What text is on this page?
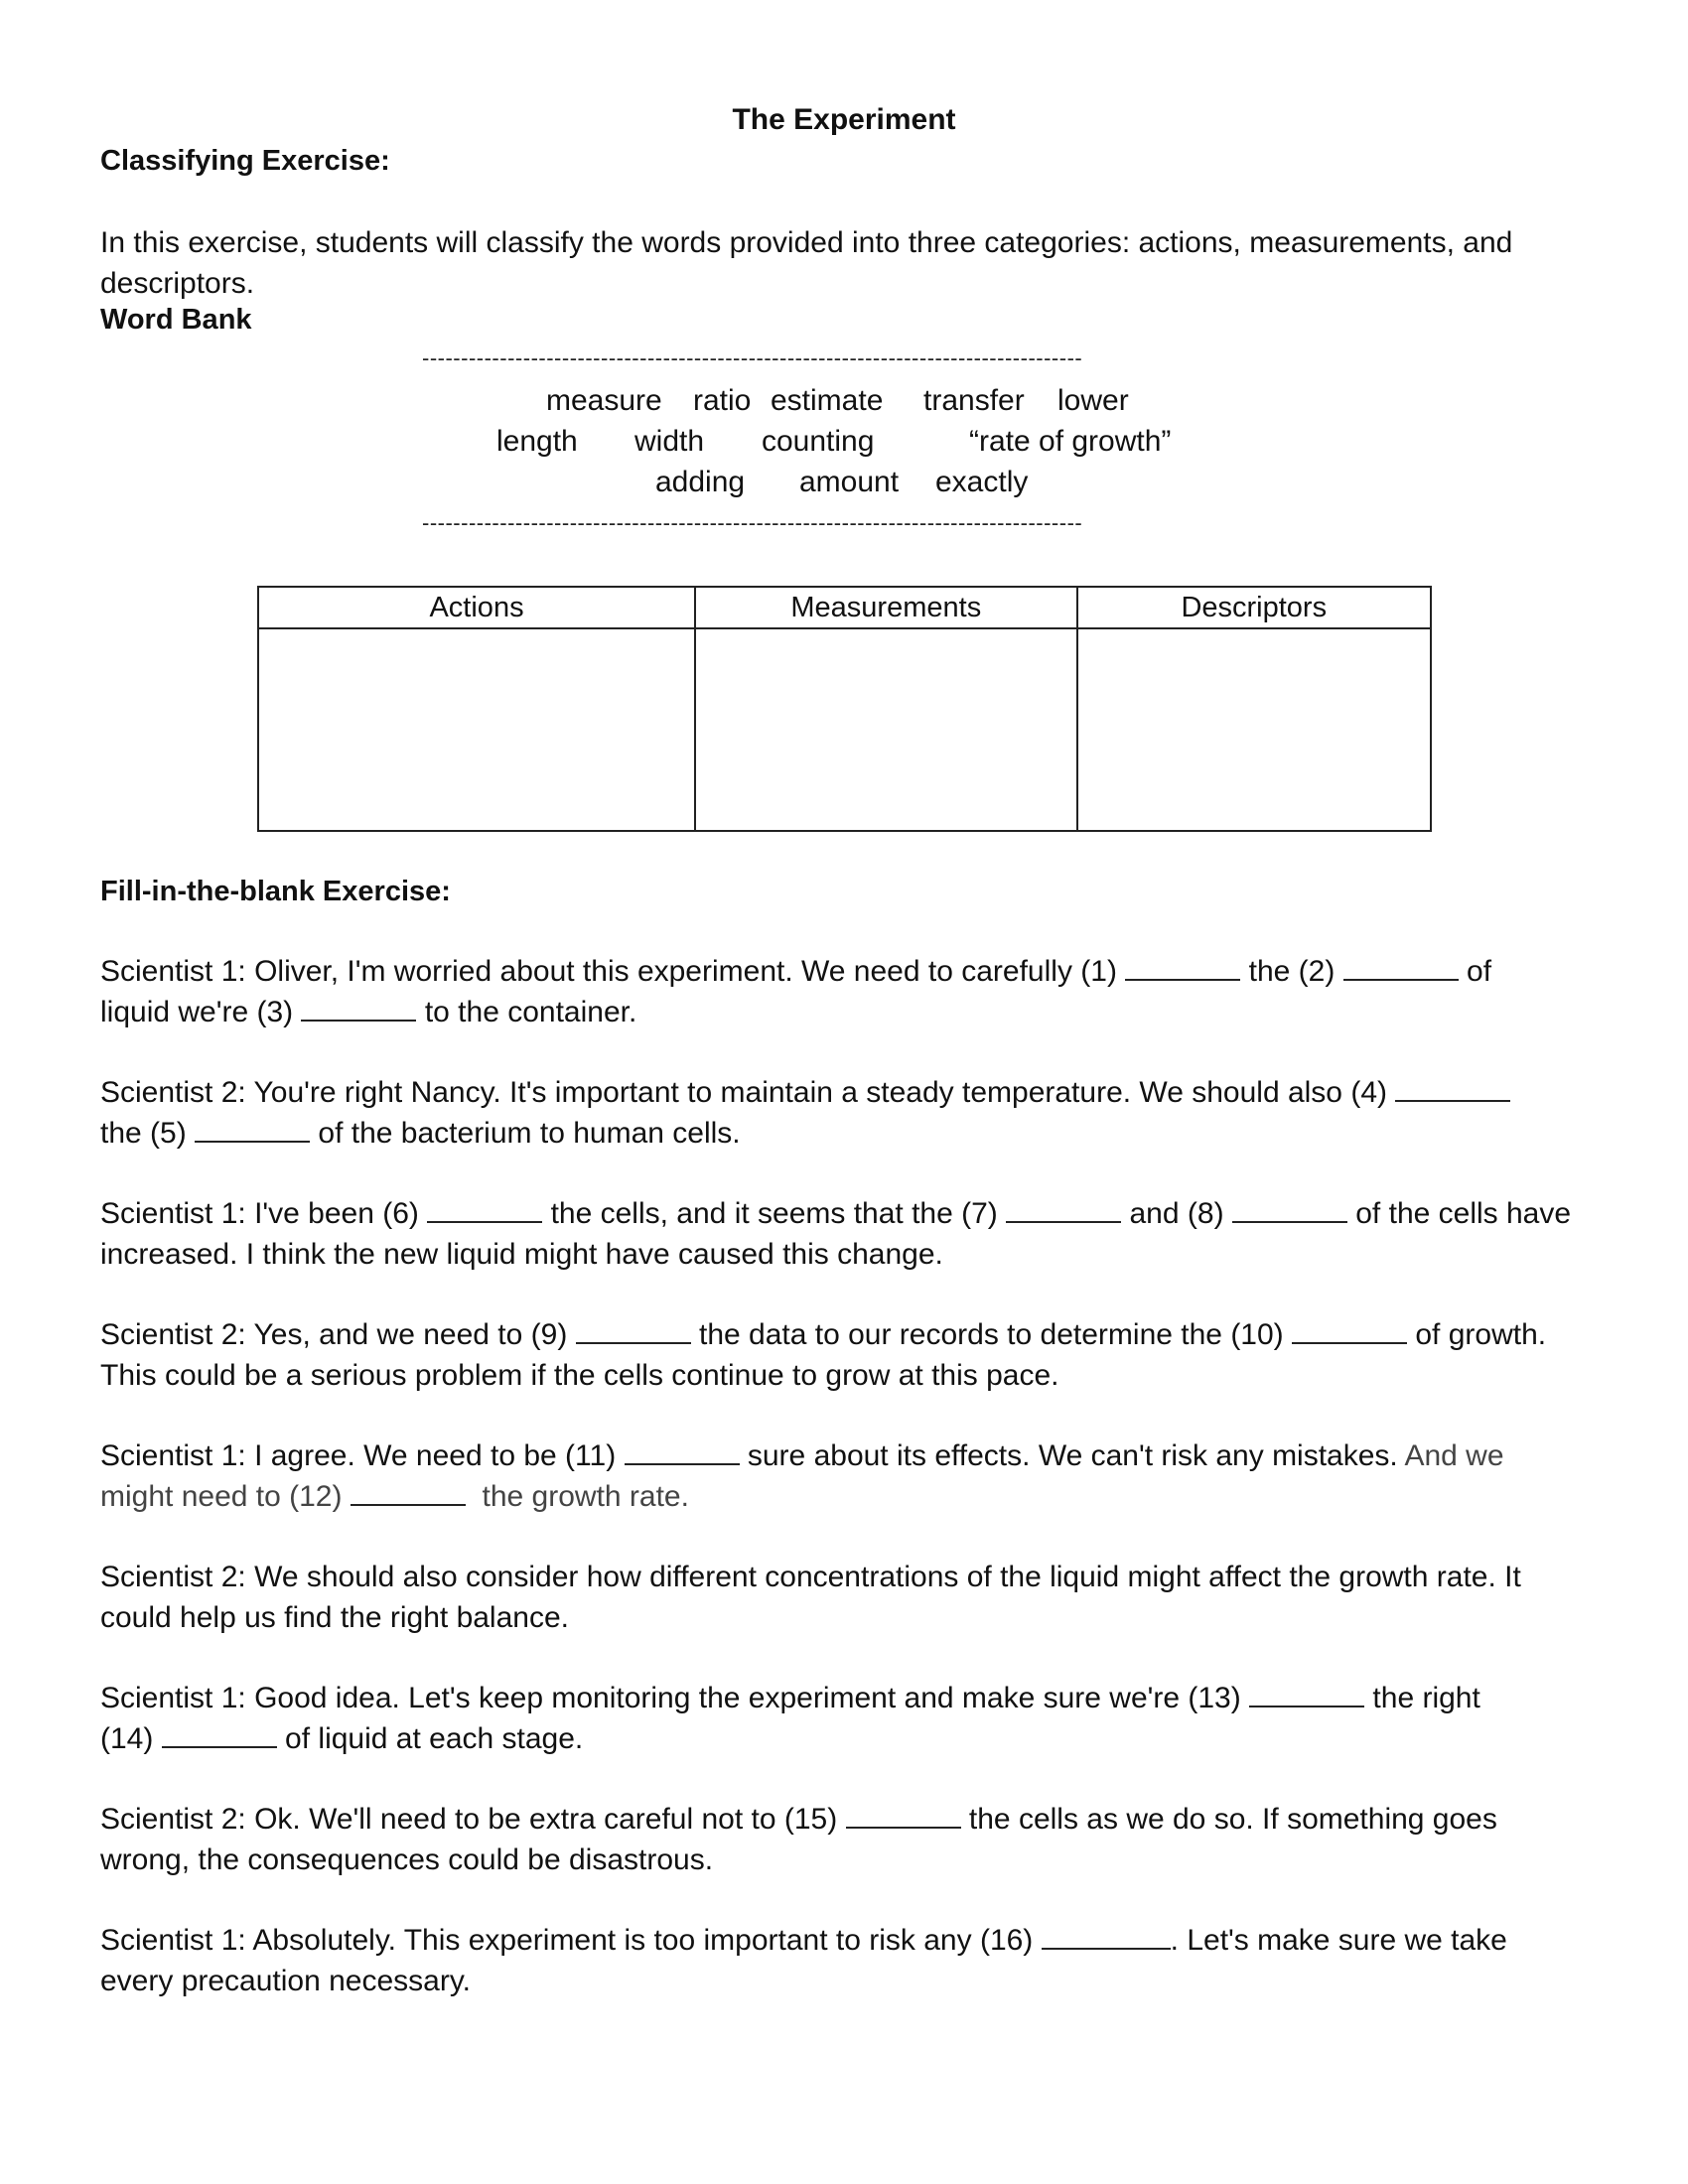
The Experiment
Classifying Exercise:
In this exercise, students will classify the words provided into three categories: actions, measurements, and descriptors.
Word Bank
-------------------------------------------------------------------------------------
measure ratio estimate transfer lower
length width counting	“rate of growth”
adding amount exactly
-------------------------------------------------------------------------------------
Actions	Measurements	Descriptors

Fill-in-the-blank Exercise:
Scientist 1: Oliver, I'm worried about this experiment. We need to carefully (1)	the (2)	of
liquid we're (3)	to the container.
Scientist 2: You're right Nancy. It's important to maintain a steady temperature. We should also (4)
the (5)	of the bacterium to human cells.
Scientist 1: I've been (6)	the cells, and it seems that the (7)	and (8)	of the cells have
increased. I think the new liquid might have caused this change.
Scientist 2: Yes, and we need to (9)	the data to our records to determine the (10)	of growth.
This could be a serious problem if the cells continue to grow at this pace.
Scientist 1: I agree. We need to be (11)	sure about its effects. We can't risk any mistakes. And we
might need to (12)	the growth rate.
Scientist 2: We should also consider how different concentrations of the liquid might affect the growth rate. It
could help us find the right balance.
Scientist 1: Good idea. Let's keep monitoring the experiment and make sure we're (13)	the right
(14)	of liquid at each stage.
Scientist 2: Ok. We'll need to be extra careful not to (15)	the cells as we do so. If something goes
wrong, the consequences could be disastrous.
Scientist 1: Absolutely. This experiment is too important to risk any (16)	. Let's make sure we take
every precaution necessary.
